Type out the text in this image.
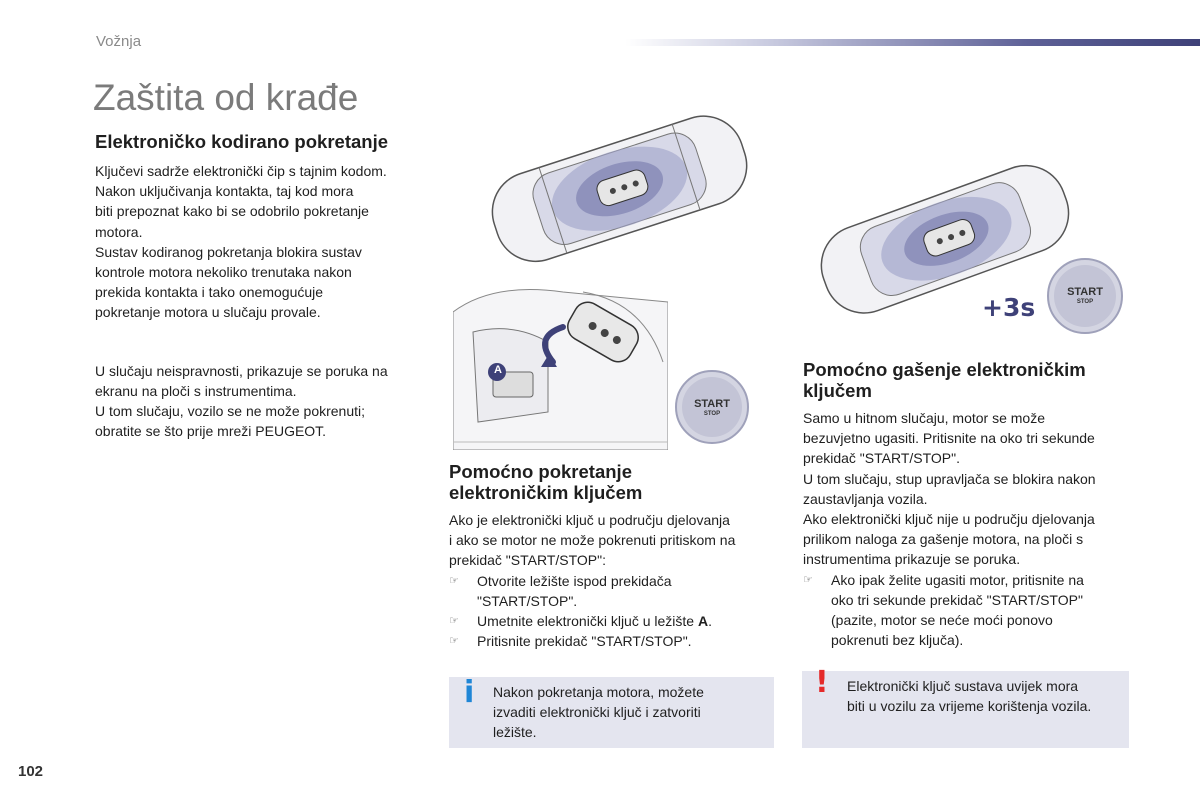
Vožnja
Zaštita od krađe
Elektroničko kodirano pokretanje

Ključevi sadrže elektronički čip s tajnim kodom.

Nakon uključivanja kontakta, taj kod mora

biti prepoznat kako bi se odobrilo pokretanje

motora.

Sustav kodiranog pokretanja blokira sustav

kontrole motora nekoliko trenutaka nakon

prekida kontakta i tako onemogućuje

pokretanje motora u slučaju provale.

U slučaju neispravnosti, prikazuje se poruka na

ekranu na ploči s instrumentima.

U tom slučaju, vozilo se ne može pokrenuti;

obratite se što prije mreži PEUGEOT.

+3s
START
STOP
A
START
STOP
Pomoćno pokretanje
elektroničkim ključem

Ako je elektronički ključ u području djelovanja

i ako se motor ne može pokrenuti pritiskom na

prekidač "START/STOP":

☞ Otvorite ležište ispod prekidača
"START/STOP".
☞ Umetnite elektronički ključ u ležište A.
☞ Pritisnite prekidač "START/STOP".
i Nakon pokretanja motora, možete

izvaditi elektronički ključ i zatvoriti

ležište.

Pomoćno gašenje elektroničkim
ključem

Samo u hitnom slučaju, motor se može

bezuvjetno ugasiti. Pritisnite na oko tri sekunde

prekidač "START/STOP".

U tom slučaju, stup upravljača se blokira nakon

zaustavljanja vozila.

Ako elektronički ključ nije u području djelovanja

prilikom naloga za gašenje motora, na ploči s

instrumentima prikazuje se poruka.

☞ Ako ipak želite ugasiti motor, pritisnite na
oko tri sekunde prekidač "START/STOP"
(pazite, motor se neće moći ponovo
pokrenuti bez ključa).
! Elektronički ključ sustava uvijek mora

biti u vozilu za vrijeme korištenja vozila.

102
